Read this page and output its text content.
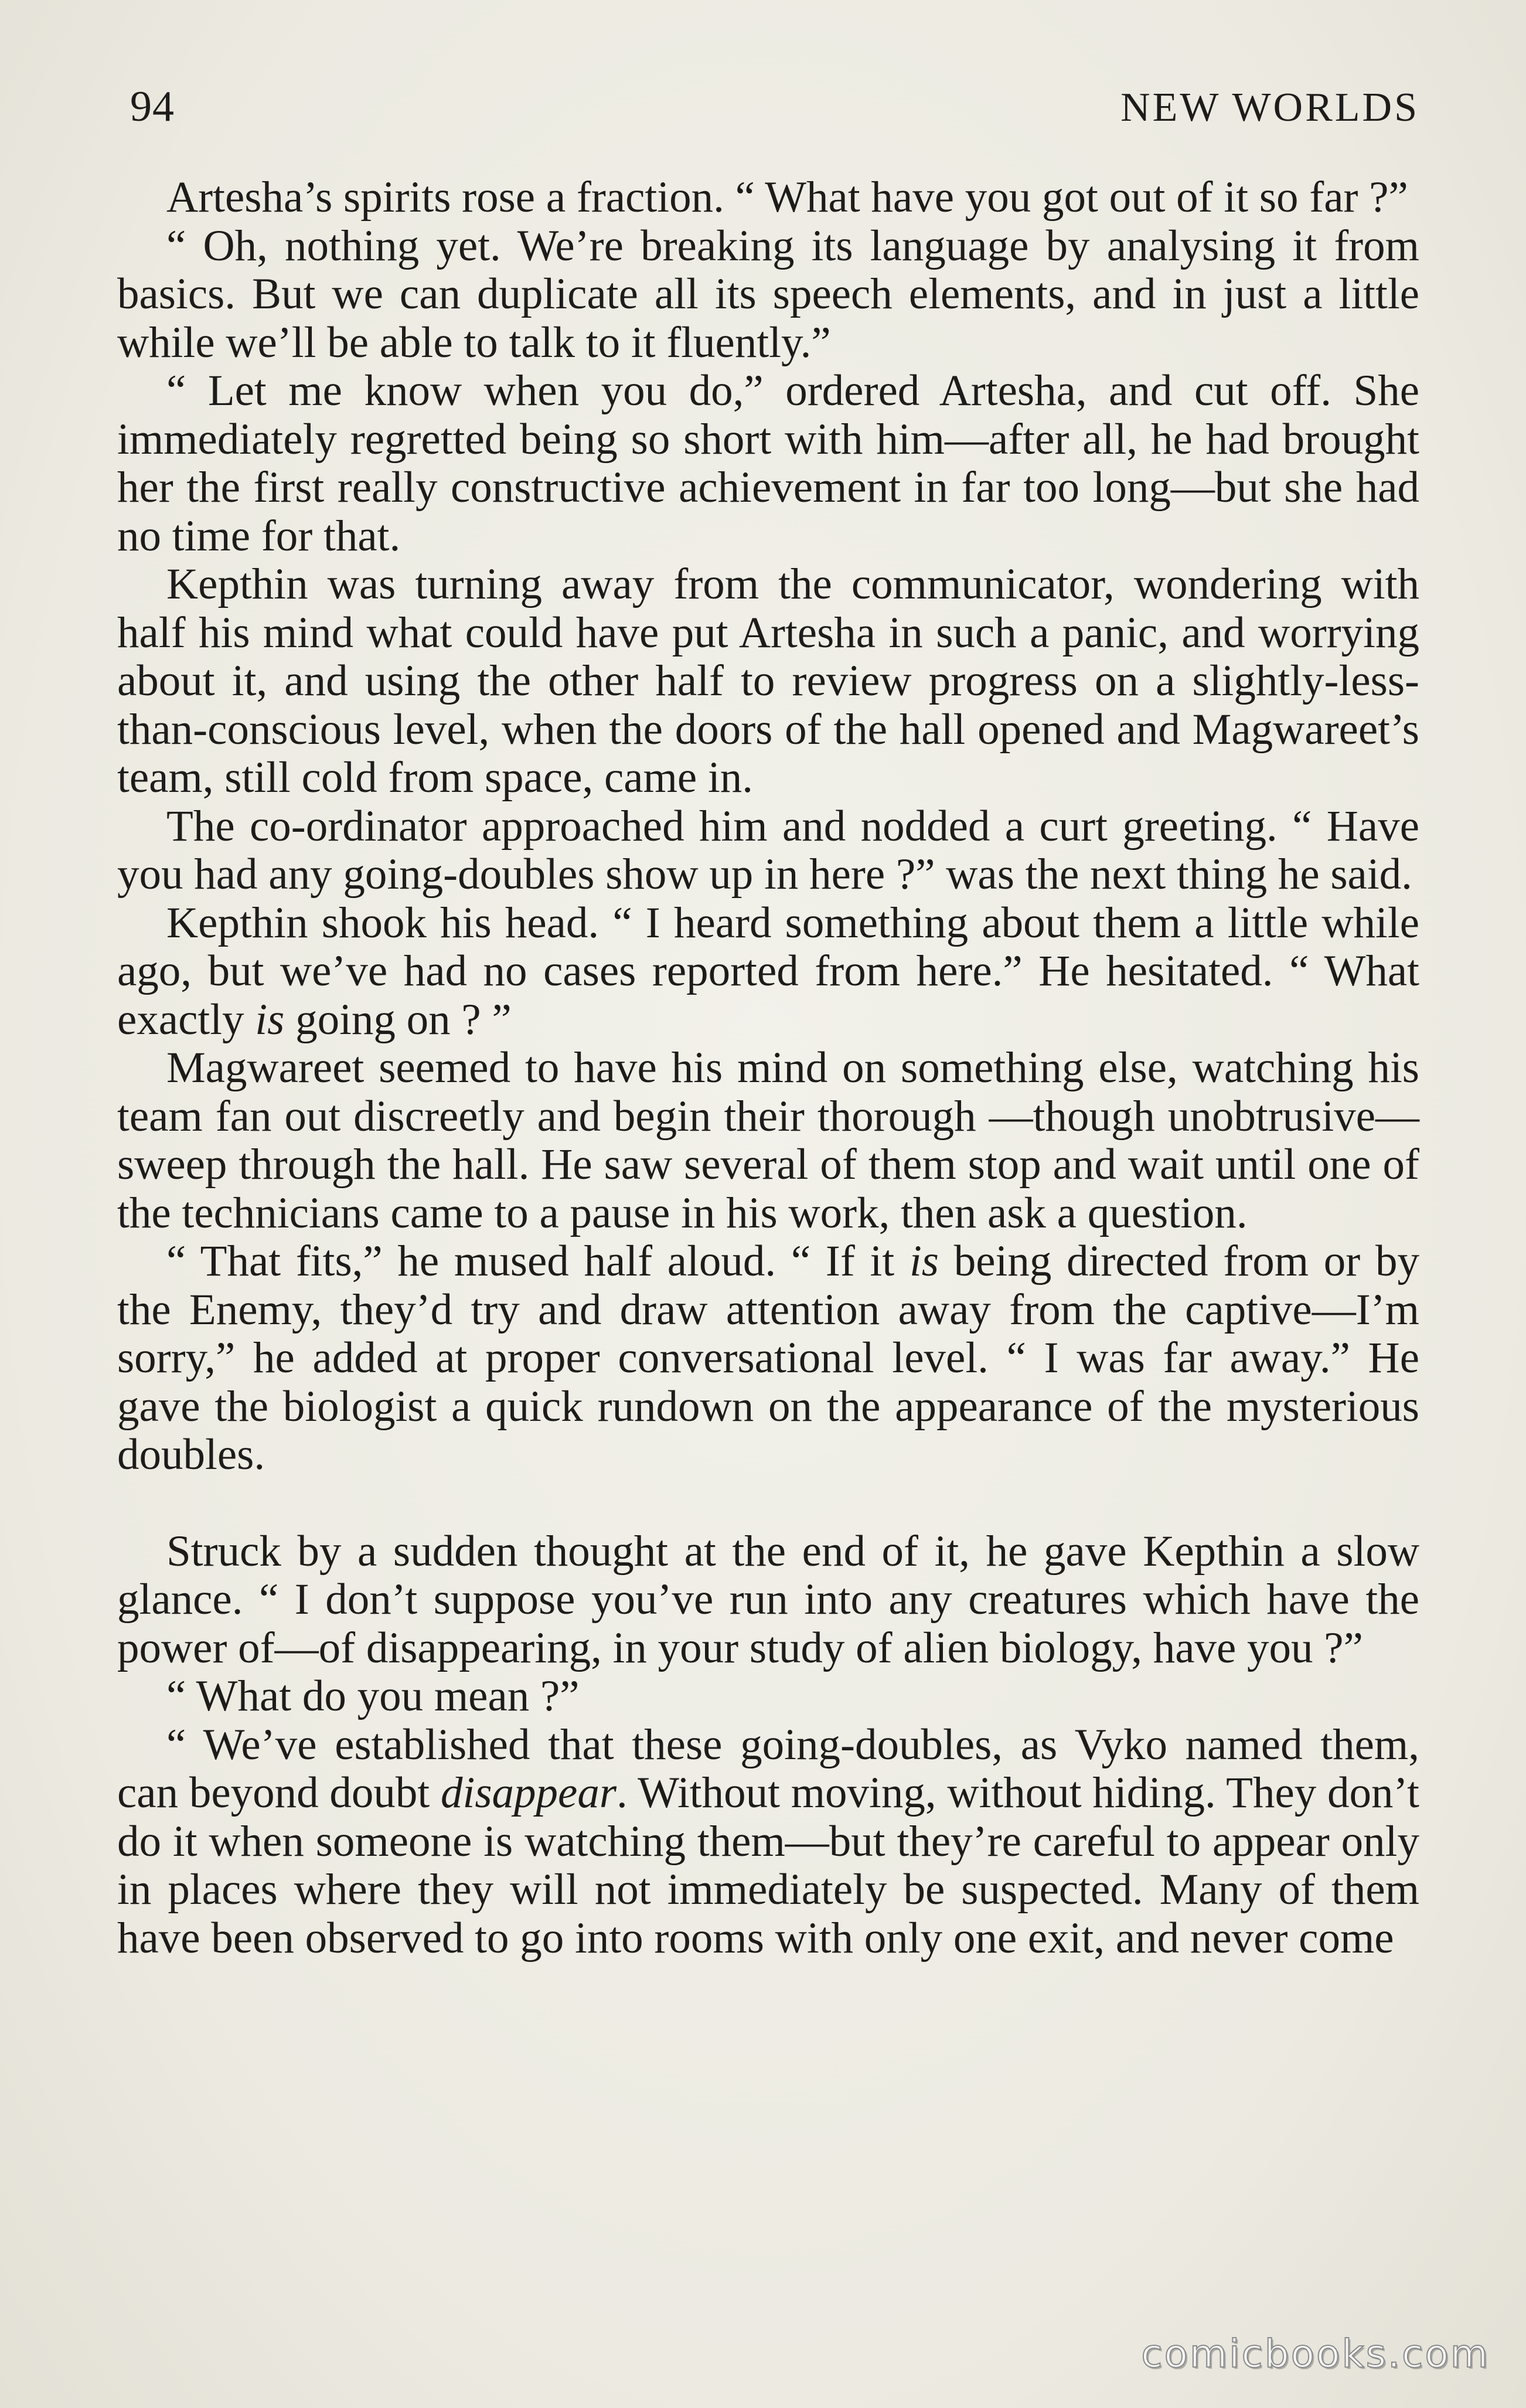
94	NEW WORLDS

Artesha’s spirits rose a fraction. “ What have you got out of it so far ?”

“ Oh, nothing yet. We’re breaking its language by analysing it from basics. But we can duplicate all its speech elements, and in just a little while we’ll be able to talk to it fluently.”

“ Let me know when you do,” ordered Artesha, and cut off. She immediately regretted being so short with him—after all, he had brought her the first really constructive achievement in far too long—but she had no time for that.

Kepthin was turning away from the communicator, wondering with half his mind what could have put Artesha in such a panic, and worrying about it, and using the other half to review progress on a slightly-less-than-conscious level, when the doors of the hall opened and Magwareet’s team, still cold from space, came in.

The co-ordinator approached him and nodded a curt greeting. “ Have you had any going-doubles show up in here ?” was the next thing he said.

Kepthin shook his head. “ I heard something about them a little while ago, but we’ve had no cases reported from here.” He hesitated. “ What exactly is going on ? ”

Magwareet seemed to have his mind on something else, watching his team fan out discreetly and begin their thorough —though unobtrusive—sweep through the hall. He saw several of them stop and wait until one of the technicians came to a pause in his work, then ask a question.

“ That fits,” he mused half aloud. “ If it is being directed from or by the Enemy, they’d try and draw attention away from the captive—I’m sorry,” he added at proper conversational level. “ I was far away.” He gave the biologist a quick rundown on the appearance of the mysterious doubles.

Struck by a sudden thought at the end of it, he gave Kepthin a slow glance. “ I don’t suppose you’ve run into any creatures which have the power of—of disappearing, in your study of alien biology, have you ?”

“ What do you mean ?”

“ We’ve established that these going-doubles, as Vyko named them, can beyond doubt disappear. Without moving, without hiding. They don’t do it when someone is watching them—but they’re careful to appear only in places where they will not immediately be suspected. Many of them have been observed to go into rooms with only one exit, and never come

comicbooks.com
